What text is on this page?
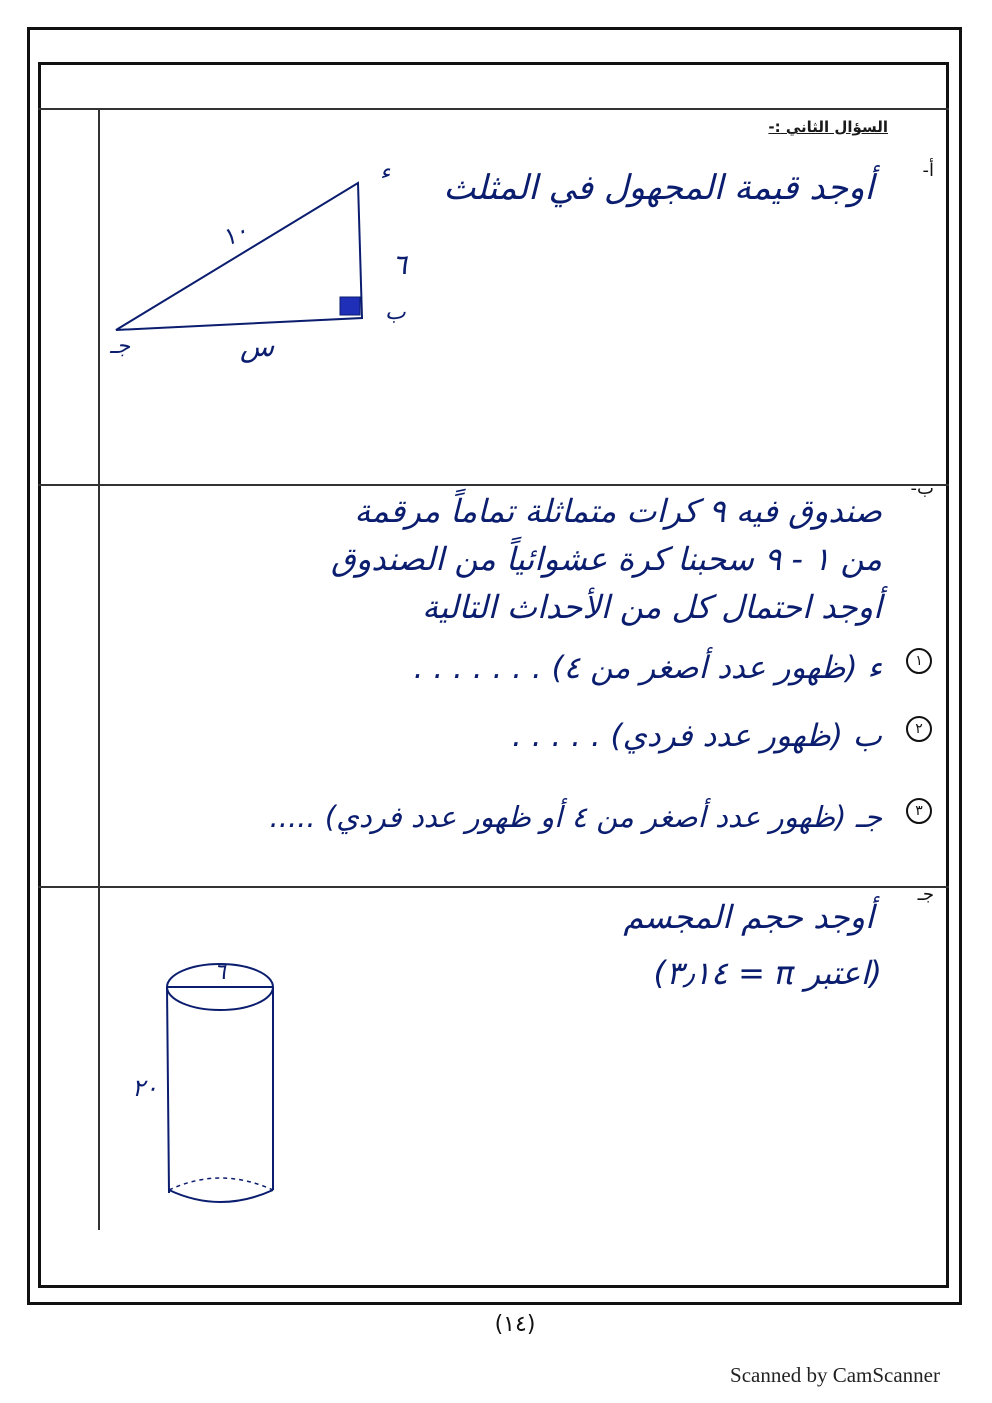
السؤال الثاني :-
أ-
أوجد قيمة المجهول في المثلث
ء
ب
جـ
١٠
٦
س
ب-
صندوق فيه ٩ كرات متماثلة تماماً مرقمة
من ١ - ٩ سحبنا كرة عشوائياً من الصندوق
أوجد احتمال كل من الأحداث التالية
١
ء (ظهور عدد أصغر من ٤) . . . . . . .
٢
ب (ظهور عدد فردي) . . . . .
٣
جـ (ظهور عدد أصغر من ٤ أو ظهور عدد فردي) .....
جـ
أوجد حجم المجسم
(اعتبر π = ٣٫١٤)
٦
٢٠
(١٤)
Scanned by CamScanner
